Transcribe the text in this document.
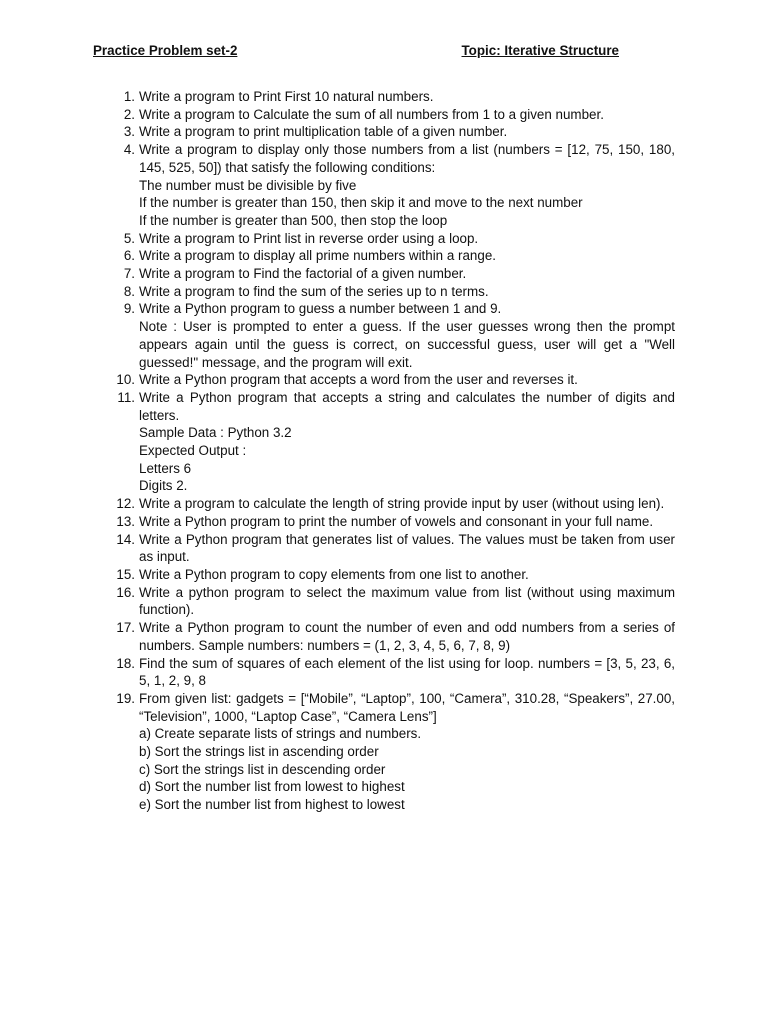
Practice Problem set-2	Topic: Iterative Structure
1. Write a program to Print First 10 natural numbers.
2. Write a program to Calculate the sum of all numbers from 1 to a given number.
3. Write a program to print multiplication table of a given number.
4. Write a program to display only those numbers from a list (numbers = [12, 75, 150, 180, 145, 525, 50]) that satisfy the following conditions:
The number must be divisible by five
If the number is greater than 150, then skip it and move to the next number
If the number is greater than 500, then stop the loop
5. Write a program to Print list in reverse order using a loop.
6. Write a program to display all prime numbers within a range.
7. Write a program to Find the factorial of a given number.
8. Write a program to find the sum of the series up to n terms.
9. Write a Python program to guess a number between 1 and 9.
Note : User is prompted to enter a guess. If the user guesses wrong then the prompt appears again until the guess is correct, on successful guess, user will get a "Well guessed!" message, and the program will exit.
10. Write a Python program that accepts a word from the user and reverses it.
11. Write a Python program that accepts a string and calculates the number of digits and letters.
Sample Data : Python 3.2
Expected Output :
Letters 6
Digits 2.
12. Write a program to calculate the length of string provide input by user (without using len).
13. Write a Python program to print the number of vowels and consonant in your full name.
14. Write a Python program that generates list of values. The values must be taken from user as input.
15. Write a Python program to copy elements from one list to another.
16. Write a python program to select the maximum value from list (without using maximum function).
17. Write a Python program to count the number of even and odd numbers from a series of numbers. Sample numbers: numbers = (1, 2, 3, 4, 5, 6, 7, 8, 9)
18. Find the sum of squares of each element of the list using for loop. numbers = [3, 5, 23, 6, 5, 1, 2, 9, 8
19. From given list: gadgets = [“Mobile”, “Laptop”, 100, “Camera”, 310.28, “Speakers”, 27.00, “Television”, 1000, “Laptop Case”, “Camera Lens”]
a) Create separate lists of strings and numbers.
b) Sort the strings list in ascending order
c) Sort the strings list in descending order
d) Sort the number list from lowest to highest
e) Sort the number list from highest to lowest
